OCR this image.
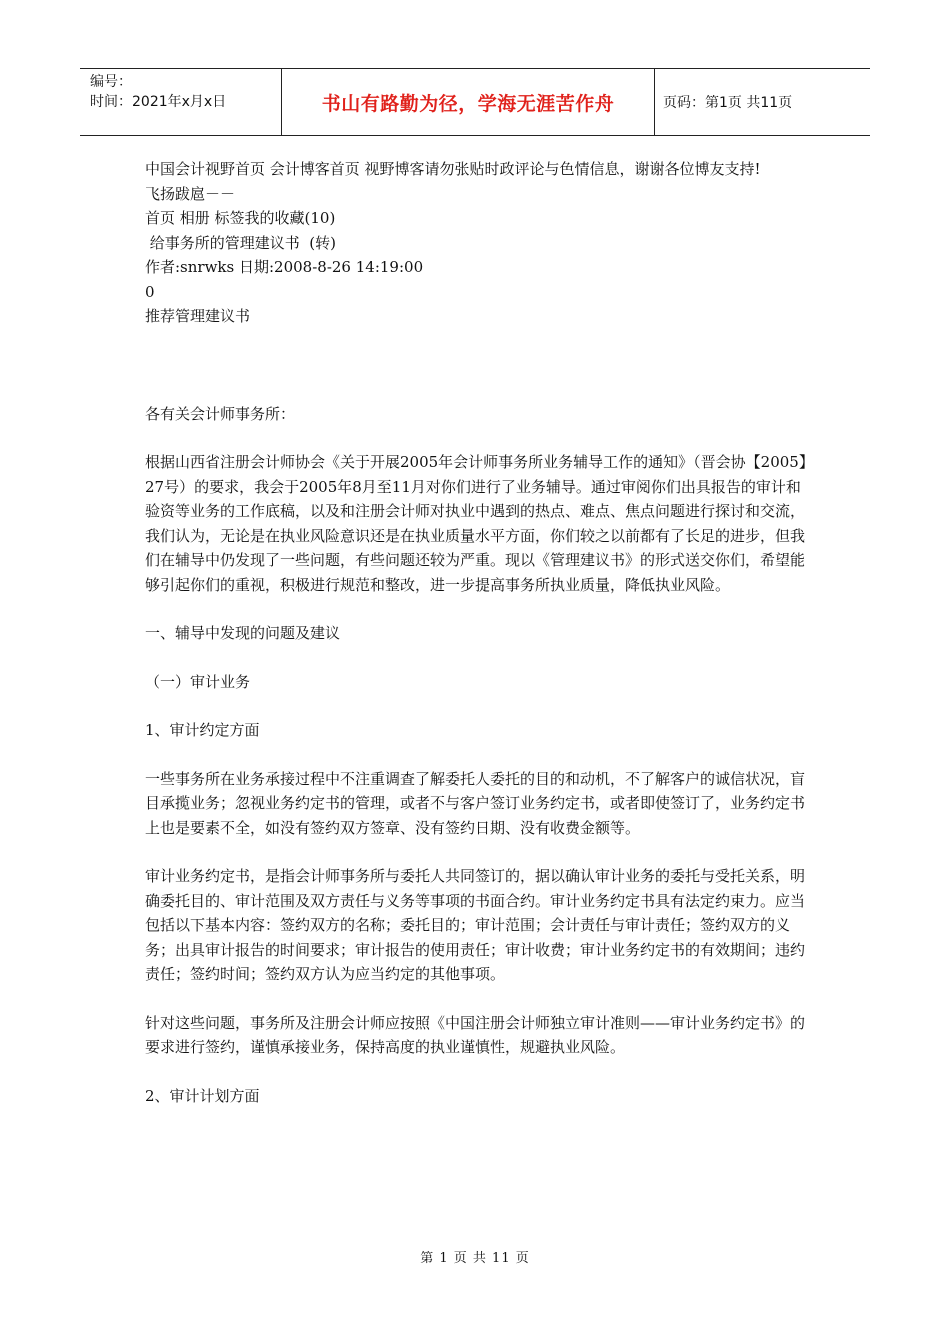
编号：
时间：2021年x月x日	书山有路勤为径，学海无涯苦作舟	页码：第1页 共11页

中国会计视野首页 会计博客首页 视野博客请勿张贴时政评论与色情信息，谢谢各位博友支持!

飞扬跋扈－－

首页 相册 标签我的收藏(10)

给事务所的管理建议书  (转)

作者:snrwks 日期:2008-8-26 14:19:00

0

推荐管理建议书

各有关会计师事务所：

根据山西省注册会计师协会《关于开展2005年会计师事务所业务辅导工作的通知》（晋会协【2005】27号）的要求，我会于2005年8月至11月对你们进行了业务辅导。通过审阅你们出具报告的审计和验资等业务的工作底稿，以及和注册会计师对执业中遇到的热点、难点、焦点问题进行探讨和交流，我们认为，无论是在执业风险意识还是在执业质量水平方面，你们较之以前都有了长足的进步，但我们在辅导中仍发现了一些问题，有些问题还较为严重。现以《管理建议书》的形式送交你们，希望能够引起你们的重视，积极进行规范和整改，进一步提高事务所执业质量，降低执业风险。

一、辅导中发现的问题及建议

（一）审计业务

1、审计约定方面

一些事务所在业务承接过程中不注重调查了解委托人委托的目的和动机，不了解客户的诚信状况，盲目承揽业务；忽视业务约定书的管理，或者不与客户签订业务约定书，或者即使签订了，业务约定书上也是要素不全，如没有签约双方签章、没有签约日期、没有收费金额等。

审计业务约定书，是指会计师事务所与委托人共同签订的，据以确认审计业务的委托与受托关系，明确委托目的、审计范围及双方责任与义务等事项的书面合约。审计业务约定书具有法定约束力。应当包括以下基本内容：签约双方的名称；委托目的；审计范围；会计责任与审计责任；签约双方的义务；出具审计报告的时间要求；审计报告的使用责任；审计收费；审计业务约定书的有效期间；违约责任；签约时间；签约双方认为应当约定的其他事项。

针对这些问题，事务所及注册会计师应按照《中国注册会计师独立审计准则——审计业务约定书》的要求进行签约，谨慎承接业务，保持高度的执业谨慎性，规避执业风险。

2、审计计划方面

第 1 页 共 11 页
